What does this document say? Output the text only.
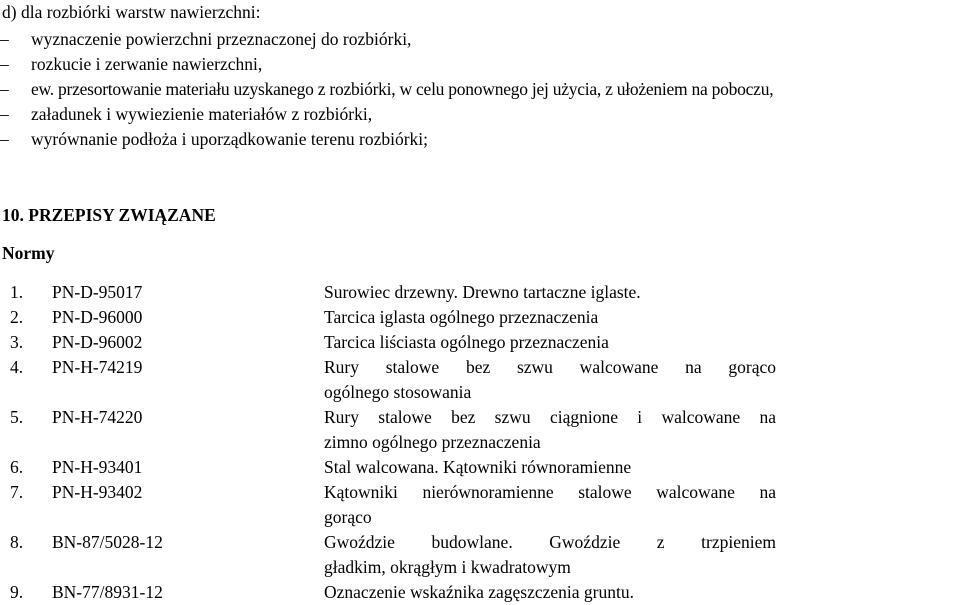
d) dla rozbiórki warstw nawierzchni:
– wyznaczenie powierzchni przeznaczonej do rozbiórki,
– rozkucie i zerwanie nawierzchni,
– ew. przesortowanie materiału uzyskanego z rozbiórki, w celu ponownego jej użycia, z ułożeniem na poboczu,
– załadunek i wywiezienie materiałów z rozbiórki,
– wyrównanie podłoża i uporządkowanie terenu rozbiórki;
10. PRZEPISY ZWIĄZANE
Normy
1. PN-D-95017	Surowiec drzewny. Drewno tartaczne iglaste.
2. PN-D-96000	Tarcica iglasta ogólnego przeznaczenia
3. PN-D-96002	Tarcica liściasta ogólnego przeznaczenia
4. PN-H-74219	Rury stalowe bez szwu walcowane na gorąco
ogólnego stosowania
5. PN-H-74220	Rury stalowe bez szwu ciągnione i walcowane na
zimno ogólnego przeznaczenia
6. PN-H-93401	Stal walcowana. Kątowniki równoramienne
7. PN-H-93402	Kątowniki nierównoramienne stalowe walcowane na
gorąco
8. BN-87/5028-12	Gwoździe budowlane. Gwoździe z trzpieniem
gładkim, okrągłym i kwadratowym
9. BN-77/8931-12	Oznaczenie wskaźnika zagęszczenia gruntu.
